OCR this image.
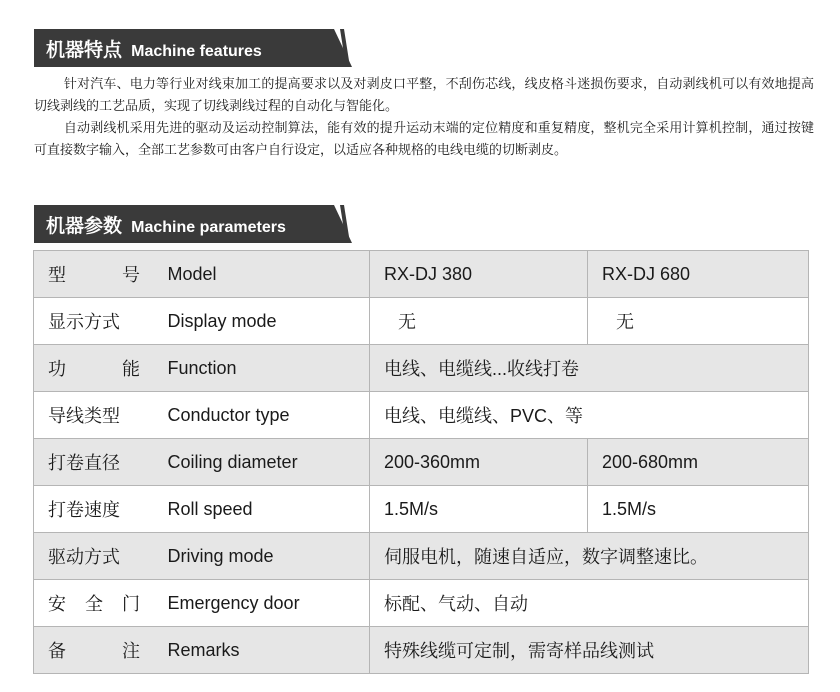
机器特点 Machine features

针对汽车、电力等行业对线束加工的提高要求以及对剥皮口平整，不刮伤芯线，线皮格斗迷损伤要求，自动剥线机可以有效地提高切线剥线的工艺品质，实现了切线剥线过程的自动化与智能化。

自动剥线机采用先进的驱动及运动控制算法，能有效的提升运动末端的定位精度和重复精度，整机完全采用计算机控制，通过按键可直接数字输入，全部工艺参数可由客户自行设定，以适应各种规格的电线电缆的切断剥皮。

机器参数 Machine parameters
型 号	Model	RX-DJ 380	RX-DJ 680
显示方式	Display mode	无	无

功 能	Function	电线、电缆线...收线打卷	
导线类型	Conductor type	电线、电缆线、PVC、等	
打卷直径	Coiling diameter	200-360mm	200-680mm
打卷速度	Roll speed	1.5M/s	1.5M/s
驱动方式	Driving mode	伺服电机，随速自适应，数字调整速比。	

安 全 门	Emergency door	标配、气动、自动	

备 注	Remarks	特殊线缆可定制，需寄样品线测试	
